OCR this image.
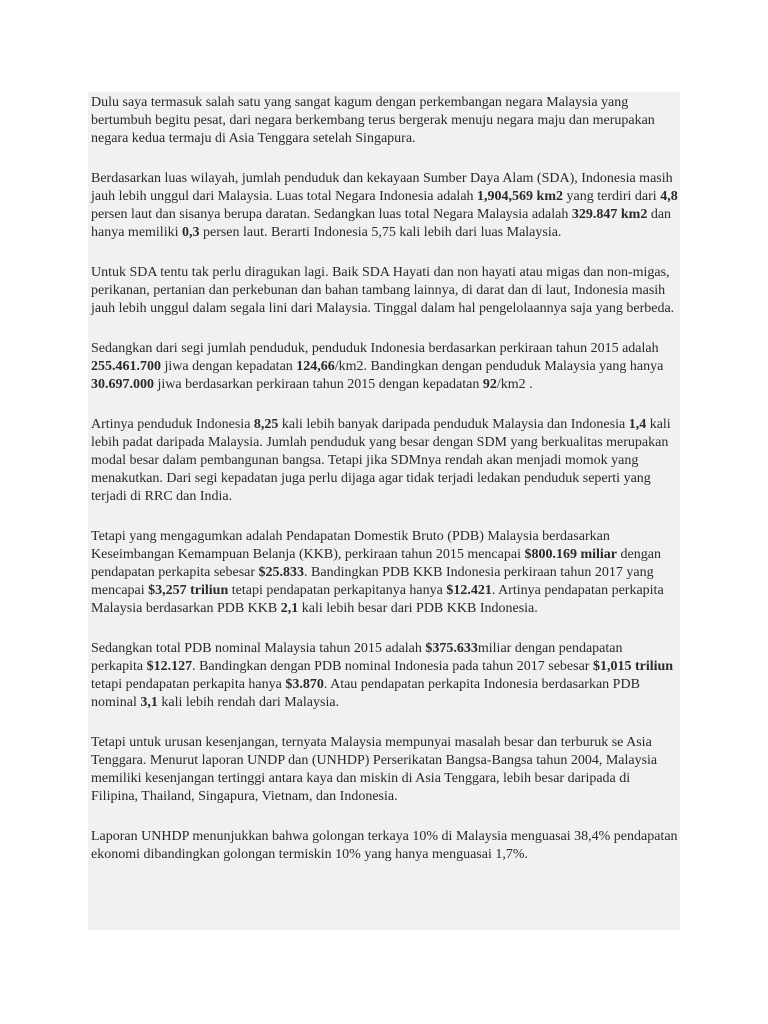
Dulu saya termasuk salah satu yang sangat kagum dengan perkembangan negara Malaysia yang bertumbuh begitu pesat, dari negara berkembang terus bergerak menuju negara maju dan merupakan negara kedua termaju di Asia Tenggara setelah Singapura.

Berdasarkan luas wilayah, jumlah penduduk dan kekayaan Sumber Daya Alam (SDA), Indonesia masih jauh lebih unggul dari Malaysia. Luas total Negara Indonesia adalah 1,904,569 km2 yang terdiri dari 4,8 persen laut dan sisanya berupa daratan. Sedangkan luas total Negara Malaysia adalah 329.847 km2 dan hanya memiliki 0,3 persen laut. Berarti Indonesia 5,75 kali lebih dari luas Malaysia.

Untuk SDA tentu tak perlu diragukan lagi. Baik SDA Hayati dan non hayati atau migas dan non-migas, perikanan, pertanian dan perkebunan dan bahan tambang lainnya, di darat dan di laut, Indonesia masih jauh lebih unggul dalam segala lini dari Malaysia. Tinggal dalam hal pengelolaannya saja yang berbeda.

Sedangkan dari segi jumlah penduduk, penduduk Indonesia berdasarkan perkiraan tahun 2015 adalah 255.461.700 jiwa dengan kepadatan 124,66/km2. Bandingkan dengan penduduk Malaysia yang hanya 30.697.000 jiwa berdasarkan perkiraan tahun 2015 dengan kepadatan 92/km2 .

Artinya penduduk Indonesia 8,25 kali lebih banyak daripada penduduk Malaysia dan Indonesia 1,4 kali lebih padat daripada Malaysia. Jumlah penduduk yang besar dengan SDM yang berkualitas merupakan modal besar dalam pembangunan bangsa. Tetapi jika SDMnya rendah akan menjadi momok yang menakutkan. Dari segi kepadatan juga perlu dijaga agar tidak terjadi ledakan penduduk seperti yang terjadi di RRC dan India.

Tetapi yang mengagumkan adalah Pendapatan Domestik Bruto (PDB) Malaysia berdasarkan Keseimbangan Kemampuan Belanja (KKB), perkiraan tahun 2015 mencapai $800.169 miliar dengan pendapatan perkapita sebesar $25.833. Bandingkan PDB KKB Indonesia perkiraan tahun 2017 yang mencapai $3,257 triliun tetapi pendapatan perkapitanya hanya $12.421. Artinya pendapatan perkapita Malaysia berdasarkan PDB KKB 2,1 kali lebih besar dari PDB KKB Indonesia.

Sedangkan total PDB nominal Malaysia tahun 2015 adalah $375.633miliar dengan pendapatan perkapita $12.127. Bandingkan dengan PDB nominal Indonesia pada tahun 2017 sebesar $1,015 triliun tetapi pendapatan perkapita hanya $3.870. Atau pendapatan perkapita Indonesia berdasarkan PDB nominal 3,1 kali lebih rendah dari Malaysia.

Tetapi untuk urusan kesenjangan, ternyata Malaysia mempunyai masalah besar dan terburuk se Asia Tenggara. Menurut laporan UNDP dan (UNHDP) Perserikatan Bangsa-Bangsa tahun 2004, Malaysia memiliki kesenjangan tertinggi antara kaya dan miskin di Asia Tenggara, lebih besar daripada di Filipina, Thailand, Singapura, Vietnam, dan Indonesia.

Laporan UNHDP menunjukkan bahwa golongan terkaya 10% di Malaysia menguasai 38,4% pendapatan ekonomi dibandingkan golongan termiskin 10% yang hanya menguasai 1,7%.
